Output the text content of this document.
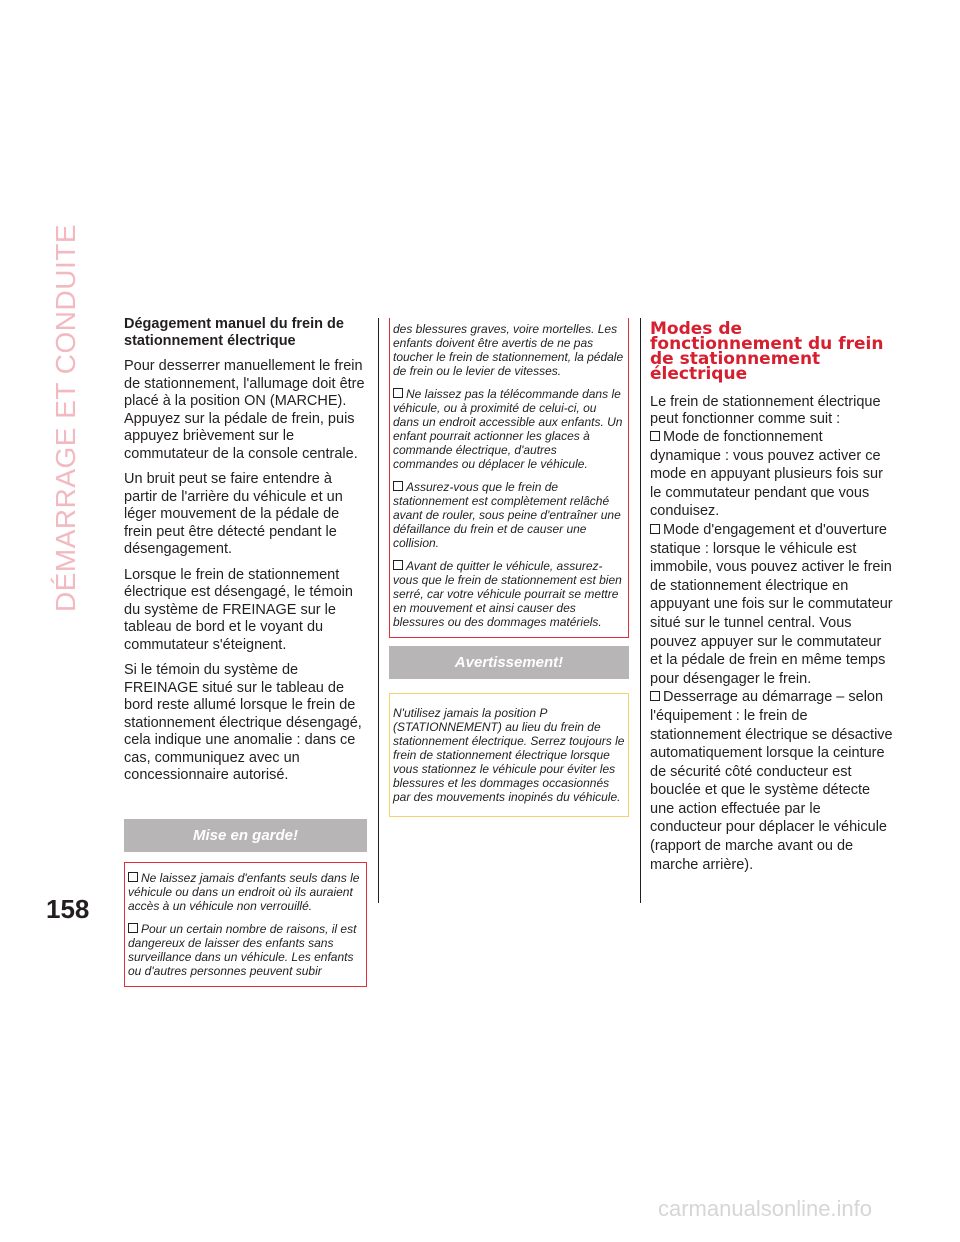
DÉMARRAGE ET CONDUITE
158
Dégagement manuel du frein de stationnement électrique

Pour desserrer manuellement le frein de stationnement, l'allumage doit être placé à la position ON (MARCHE). Appuyez sur la pédale de frein, puis appuyez brièvement sur le commutateur de la console centrale.

Un bruit peut se faire entendre à partir de l'arrière du véhicule et un léger mouvement de la pédale de frein peut être détecté pendant le désengagement.

Lorsque le frein de stationnement électrique est désengagé, le témoin du système de FREINAGE sur le tableau de bord et le voyant du commutateur s'éteignent.

Si le témoin du système de FREINAGE situé sur le tableau de bord reste allumé lorsque le frein de stationnement électrique désengagé, cela indique une anomalie : dans ce cas, communiquez avec un concessionnaire autorisé.

Mise en garde!

Ne laissez jamais d'enfants seuls dans le véhicule ou dans un endroit où ils auraient accès à un véhicule non verrouillé.

Pour un certain nombre de raisons, il est dangereux de laisser des enfants sans surveillance dans un véhicule. Les enfants ou d'autres personnes peuvent subir

des blessures graves, voire mortelles. Les enfants doivent être avertis de ne pas toucher le frein de stationnement, la pédale de frein ou le levier de vitesses.

Ne laissez pas la télécommande dans le véhicule, ou à proximité de celui-ci, ou dans un endroit accessible aux enfants. Un enfant pourrait actionner les glaces à commande électrique, d'autres commandes ou déplacer le véhicule.

Assurez-vous que le frein de stationnement est complètement relâché avant de rouler, sous peine d'entraîner une défaillance du frein et de causer une collision.

Avant de quitter le véhicule, assurez-vous que le frein de stationnement est bien serré, car votre véhicule pourrait se mettre en mouvement et ainsi causer des blessures ou des dommages matériels.

Avertissement!
N'utilisez jamais la position P (STATIONNEMENT) au lieu du frein de stationnement électrique. Serrez toujours le frein de stationnement électrique lorsque vous stationnez le véhicule pour éviter les blessures et les dommages occasionnés par des mouvements inopinés du véhicule.
Modes de fonctionnement du frein de stationnement électrique

Le frein de stationnement électrique peut fonctionner comme suit :

Mode de fonctionnement dynamique : vous pouvez activer ce mode en appuyant plusieurs fois sur le commutateur pendant que vous conduisez.

Mode d'engagement et d'ouverture statique : lorsque le véhicule est immobile, vous pouvez activer le frein de stationnement électrique en appuyant une fois sur le commutateur situé sur le tunnel central. Vous pouvez appuyer sur le commutateur et la pédale de frein en même temps pour désengager le frein.

Desserrage au démarrage – selon l'équipement : le frein de stationnement électrique se désactive automatiquement lorsque la ceinture de sécurité côté conducteur est bouclée et que le système détecte une action effectuée par le conducteur pour déplacer le véhicule (rapport de marche avant ou de marche arrière).

carmanualsonline.info
